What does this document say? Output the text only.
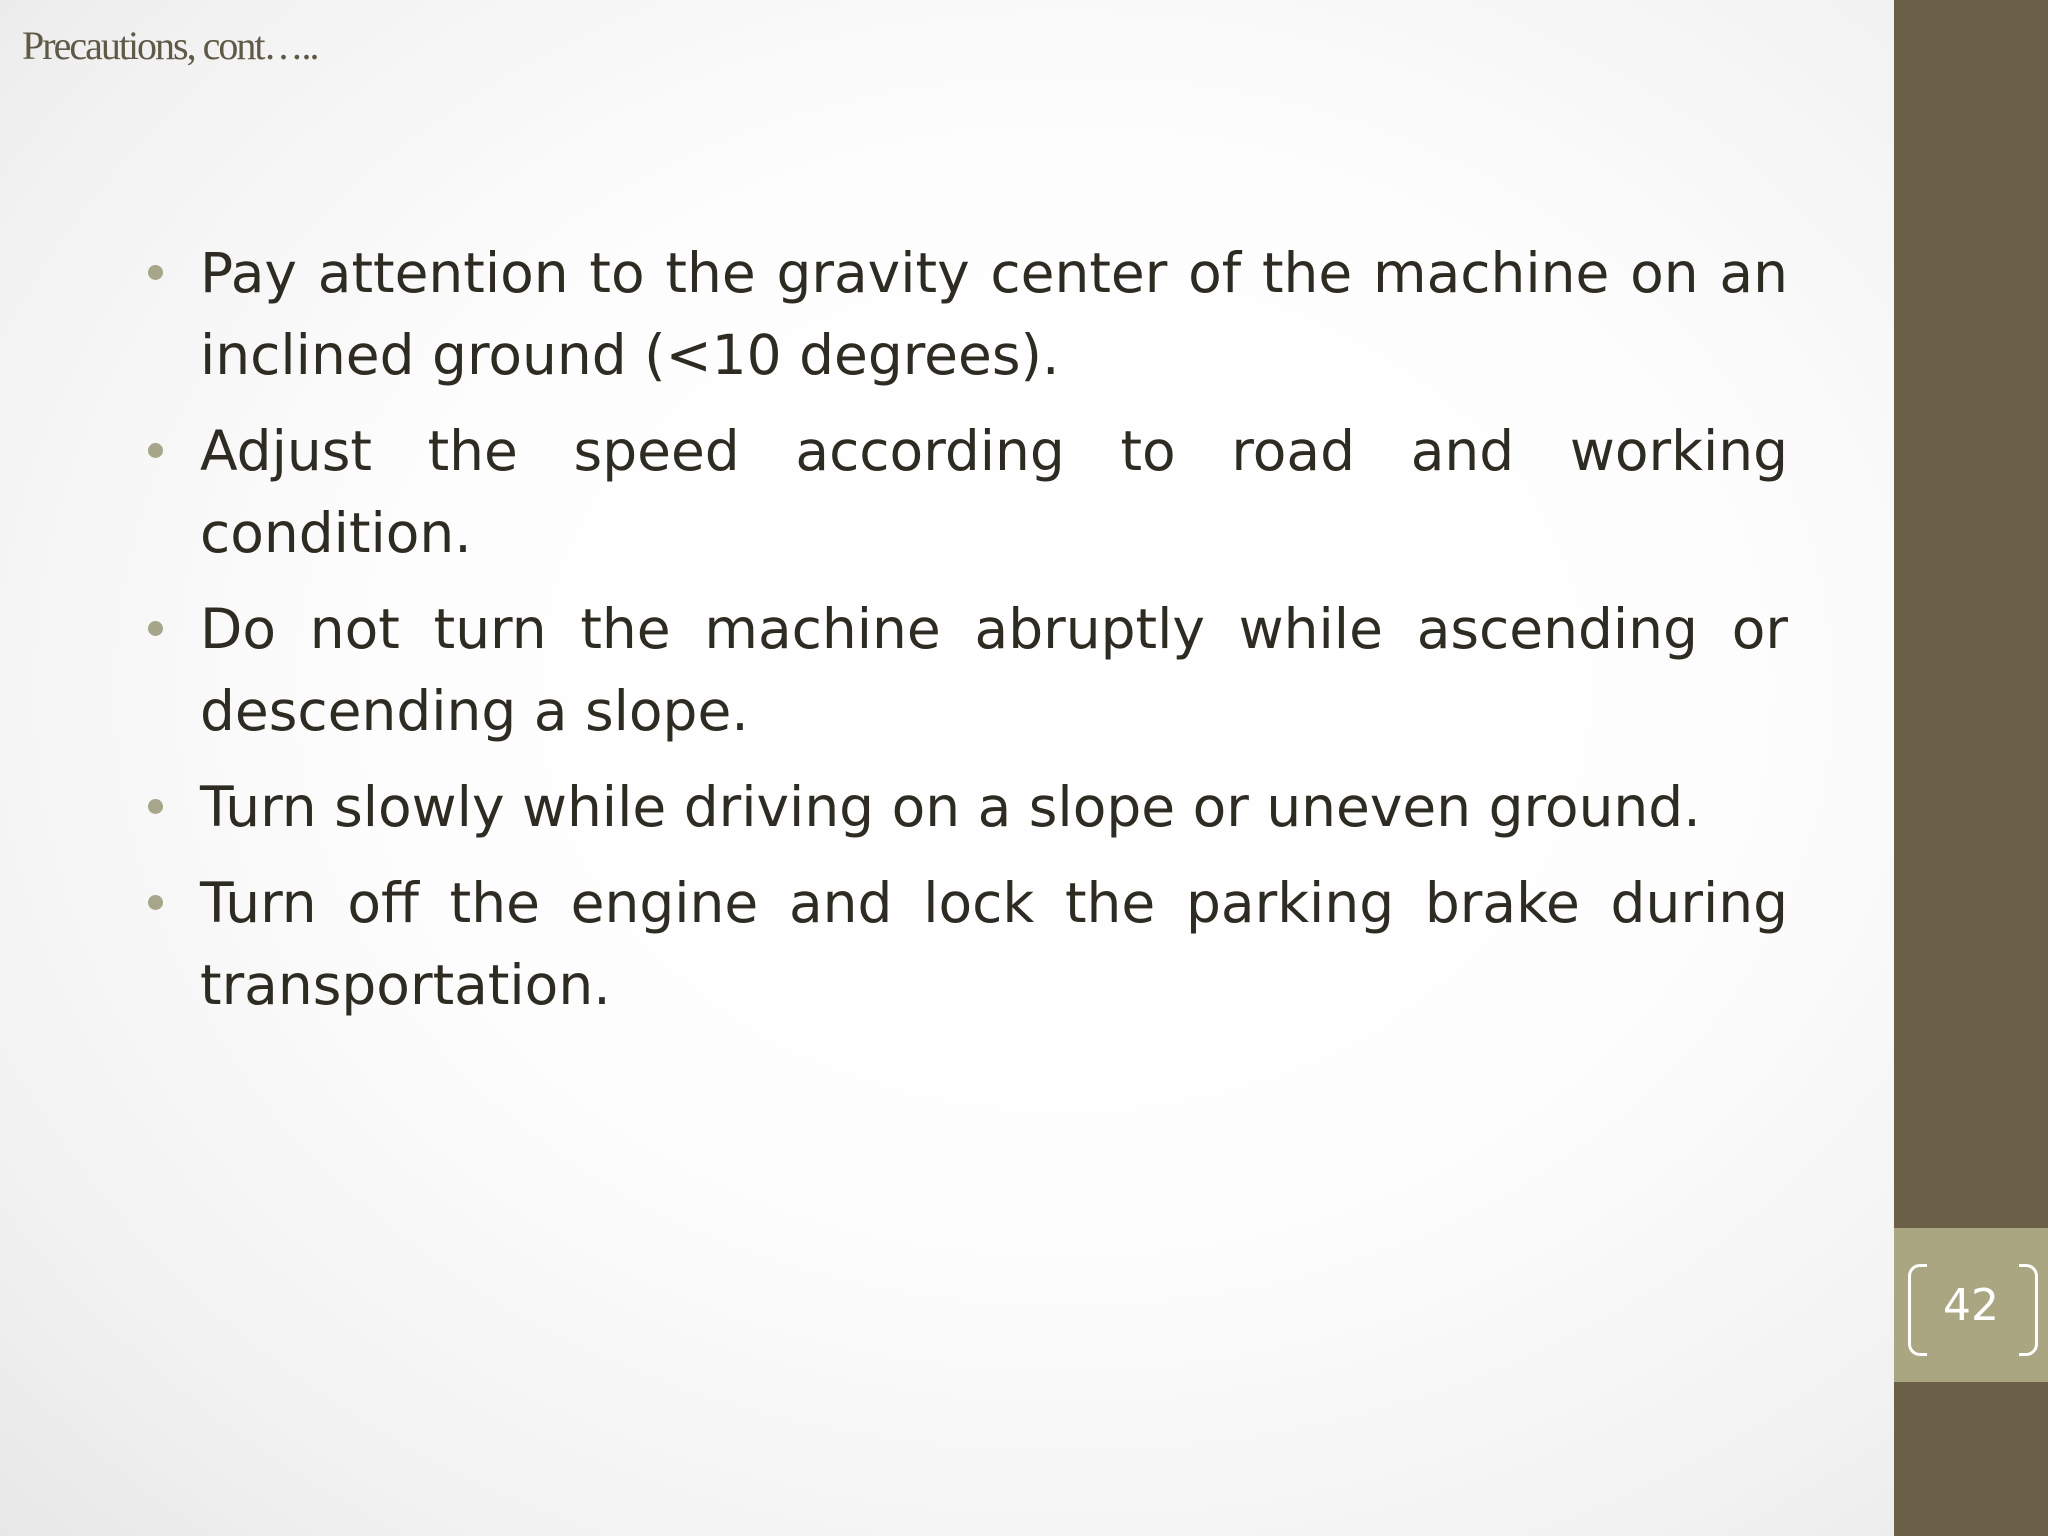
Precautions, cont…..
Pay attention to the gravity center of the machine on an inclined ground (<10 degrees).
Adjust the speed according to road and working condition.
Do not turn the machine abruptly while ascending or descending a slope.
Turn slowly while driving on a slope or uneven ground.
Turn off the engine and lock the parking brake during transportation.
42
